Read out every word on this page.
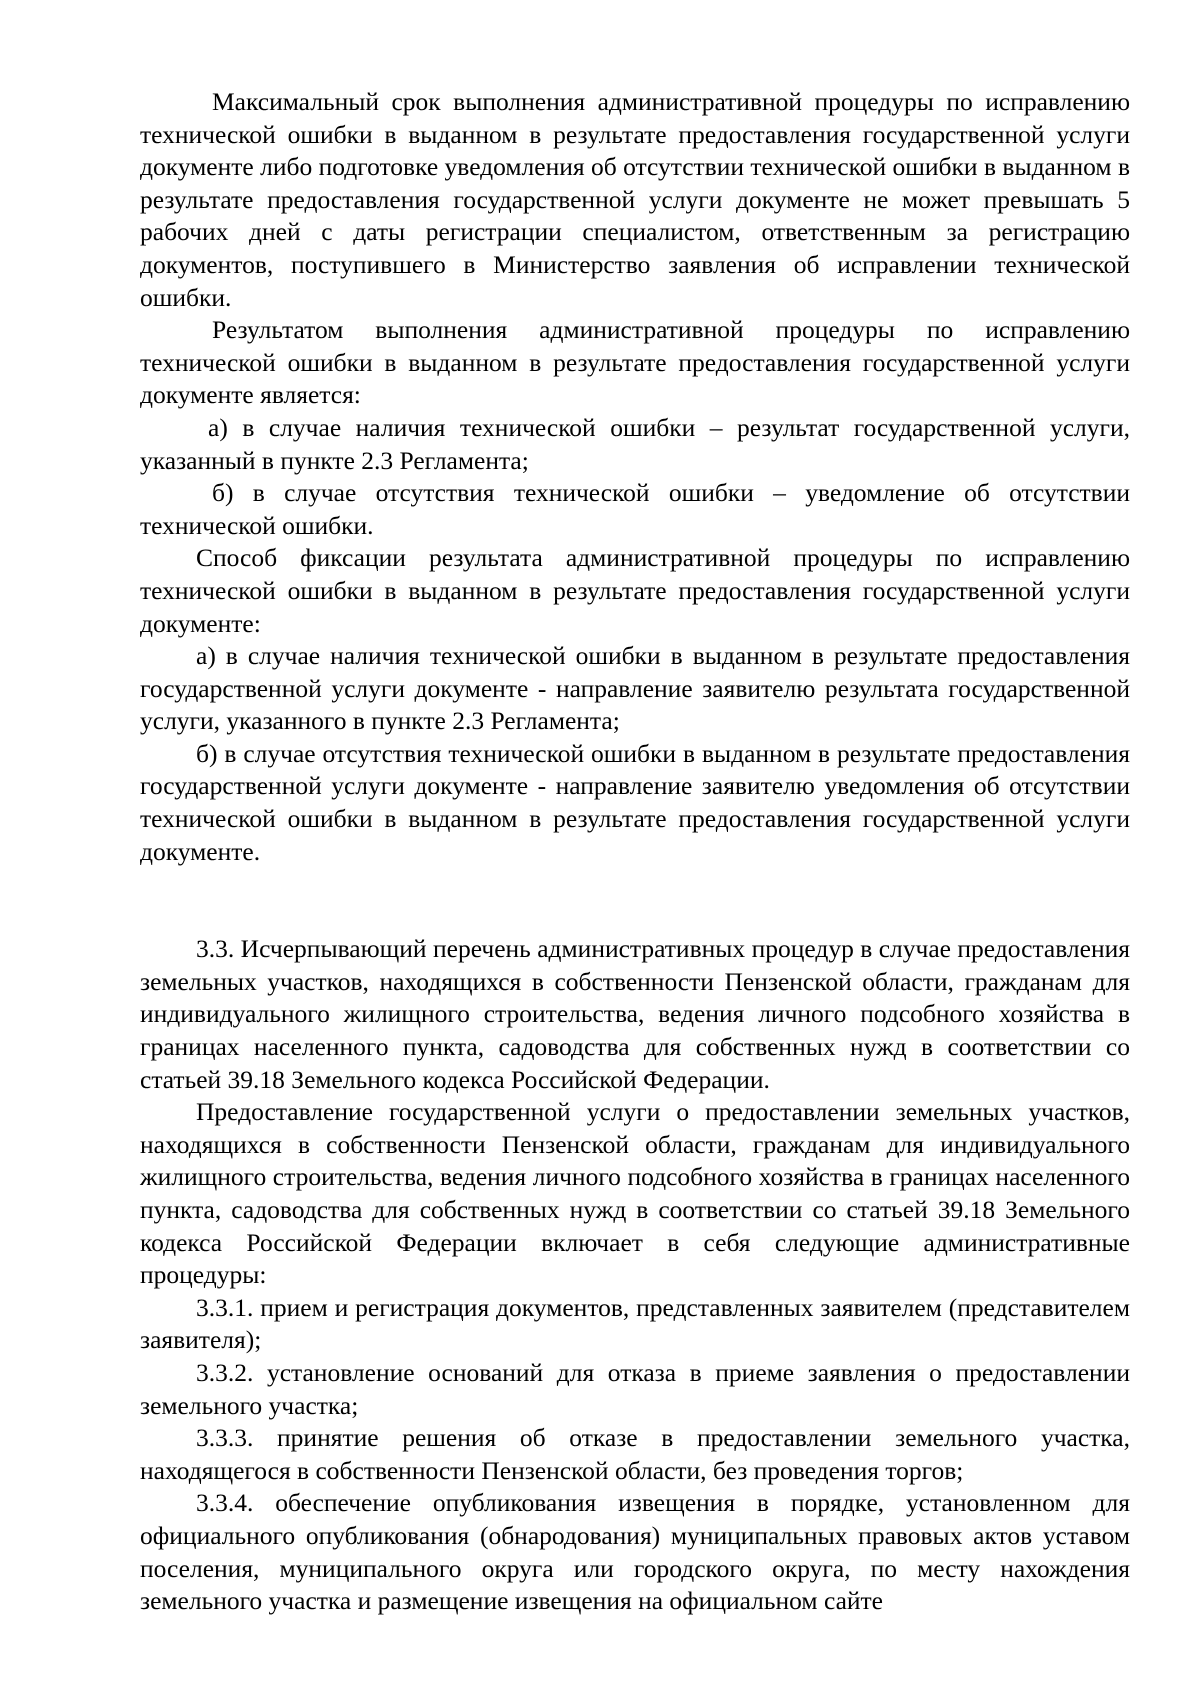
Максимальный срок выполнения административной процедуры по исправлению технической ошибки в выданном в результате предоставления государственной услуги документе либо подготовке уведомления об отсутствии технической ошибки в выданном в результате предоставления государственной услуги документе не может превышать 5 рабочих дней с даты регистрации специалистом, ответственным за регистрацию документов, поступившего в Министерство заявления об исправлении технической ошибки.

Результатом выполнения административной процедуры по исправлению технической ошибки в выданном в результате предоставления государственной услуги документе является:

а) в случае наличия технической ошибки – результат государственной услуги, указанный в пункте 2.3 Регламента;

б) в случае отсутствия технической ошибки – уведомление об отсутствии технической ошибки.

Способ фиксации результата административной процедуры по исправлению технической ошибки в выданном в результате предоставления государственной услуги документе:

а) в случае наличия технической ошибки в выданном в результате предоставления государственной услуги документе - направление заявителю результата государственной услуги, указанного в пункте 2.3 Регламента;

б) в случае отсутствия технической ошибки в выданном в результате предоставления государственной услуги документе - направление заявителю уведомления об отсутствии технической ошибки в выданном в результате предоставления государственной услуги документе.

3.3. Исчерпывающий перечень административных процедур в случае предоставления земельных участков, находящихся в собственности Пензенской области, гражданам для индивидуального жилищного строительства, ведения личного подсобного хозяйства в границах населенного пункта, садоводства для собственных нужд в соответствии со статьей 39.18 Земельного кодекса Российской Федерации.

Предоставление государственной услуги о предоставлении земельных участков, находящихся в собственности Пензенской области, гражданам для индивидуального жилищного строительства, ведения личного подсобного хозяйства в границах населенного пункта, садоводства для собственных нужд в соответствии со статьей 39.18 Земельного кодекса Российской Федерации включает в себя следующие административные процедуры:

3.3.1. прием и регистрация документов, представленных заявителем (представителем заявителя);

3.3.2. установление оснований для отказа в приеме заявления о предоставлении земельного участка;

3.3.3. принятие решения об отказе в предоставлении земельного участка, находящегося в собственности Пензенской области, без проведения торгов;

3.3.4. обеспечение опубликования извещения в порядке, установленном для официального опубликования (обнародования) муниципальных правовых актов уставом поселения, муниципального округа или городского округа, по месту нахождения земельного участка и размещение извещения на официальном сайте
